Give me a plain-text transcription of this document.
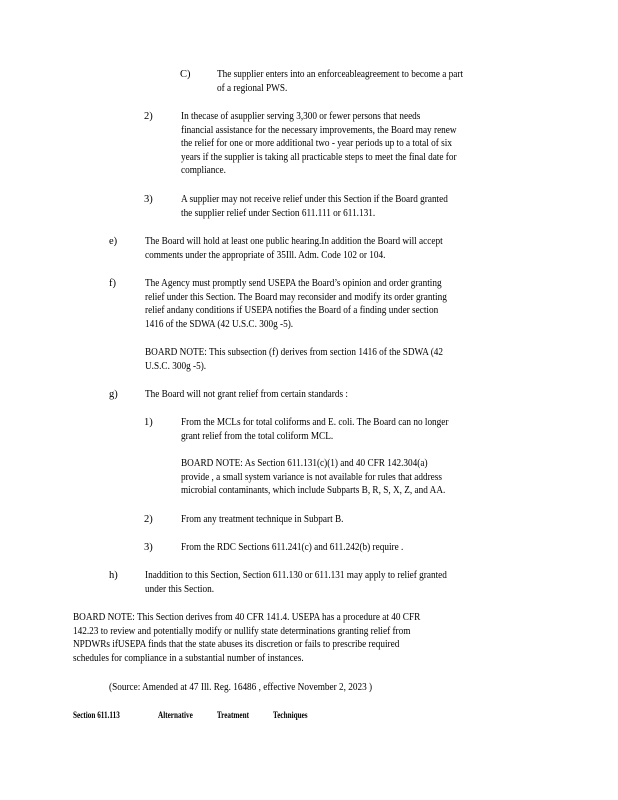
C)	The supplier enters into an enforceableagreement to become a part
of a regional PWS.
2)	In thecase of asupplier serving 3,300 or fewer persons that needs
financial assistance for the necessary improvements, the Board may renew
the relief for one or more additional two - year periods up to a total of six
years if the supplier is taking all practicable steps to meet the final date for
compliance.
3)	A supplier may not receive relief under this Section if the Board granted
the supplier relief under Section 611.111 or 611.131.
e)	The Board will hold at least one public hearing.In addition the Board will accept
comments under the appropriate of 35Ill. Adm. Code 102 or 104.
f)	The Agency must promptly send USEPA the Board’s opinion and order granting
relief under this Section. The Board may reconsider and modify its order granting
relief andany conditions if USEPA notifies the Board of a finding under section
1416 of the SDWA (42 U.S.C. 300g -5).
BOARD NOTE: This subsection (f) derives from section 1416 of the SDWA (42
U.S.C. 300g -5).
g)	The Board will not grant relief from certain standards :
1)	From the MCLs for total coliforms and E. coli. The Board can no longer
grant relief from the total coliform MCL.
BOARD NOTE: As Section 611.131(c)(1) and 40 CFR 142.304(a)
provide , a small system variance is not available for rules that address
microbial contaminants, which include Subparts B, R, S, X, Z, and AA.
2)	From any treatment technique in Subpart B.
3)	From the RDC Sections 611.241(c) and 611.242(b) require .
h)	Inaddition to this Section, Section 611.130 or 611.131 may apply to relief granted
under this Section.
BOARD NOTE: This Section derives from 40 CFR 141.4. USEPA has a procedure at 40 CFR
142.23 to review and potentially modify or nullify state determinations granting relief from
NPDWRs ifUSEPA finds that the state abuses its discretion or fails to prescribe required
schedules for compliance in a substantial number of instances.
(Source: Amended at 47 Ill. Reg. 16486 , effective November 2, 2023 )
Section 611.113	Alternative Treatment Techniques
